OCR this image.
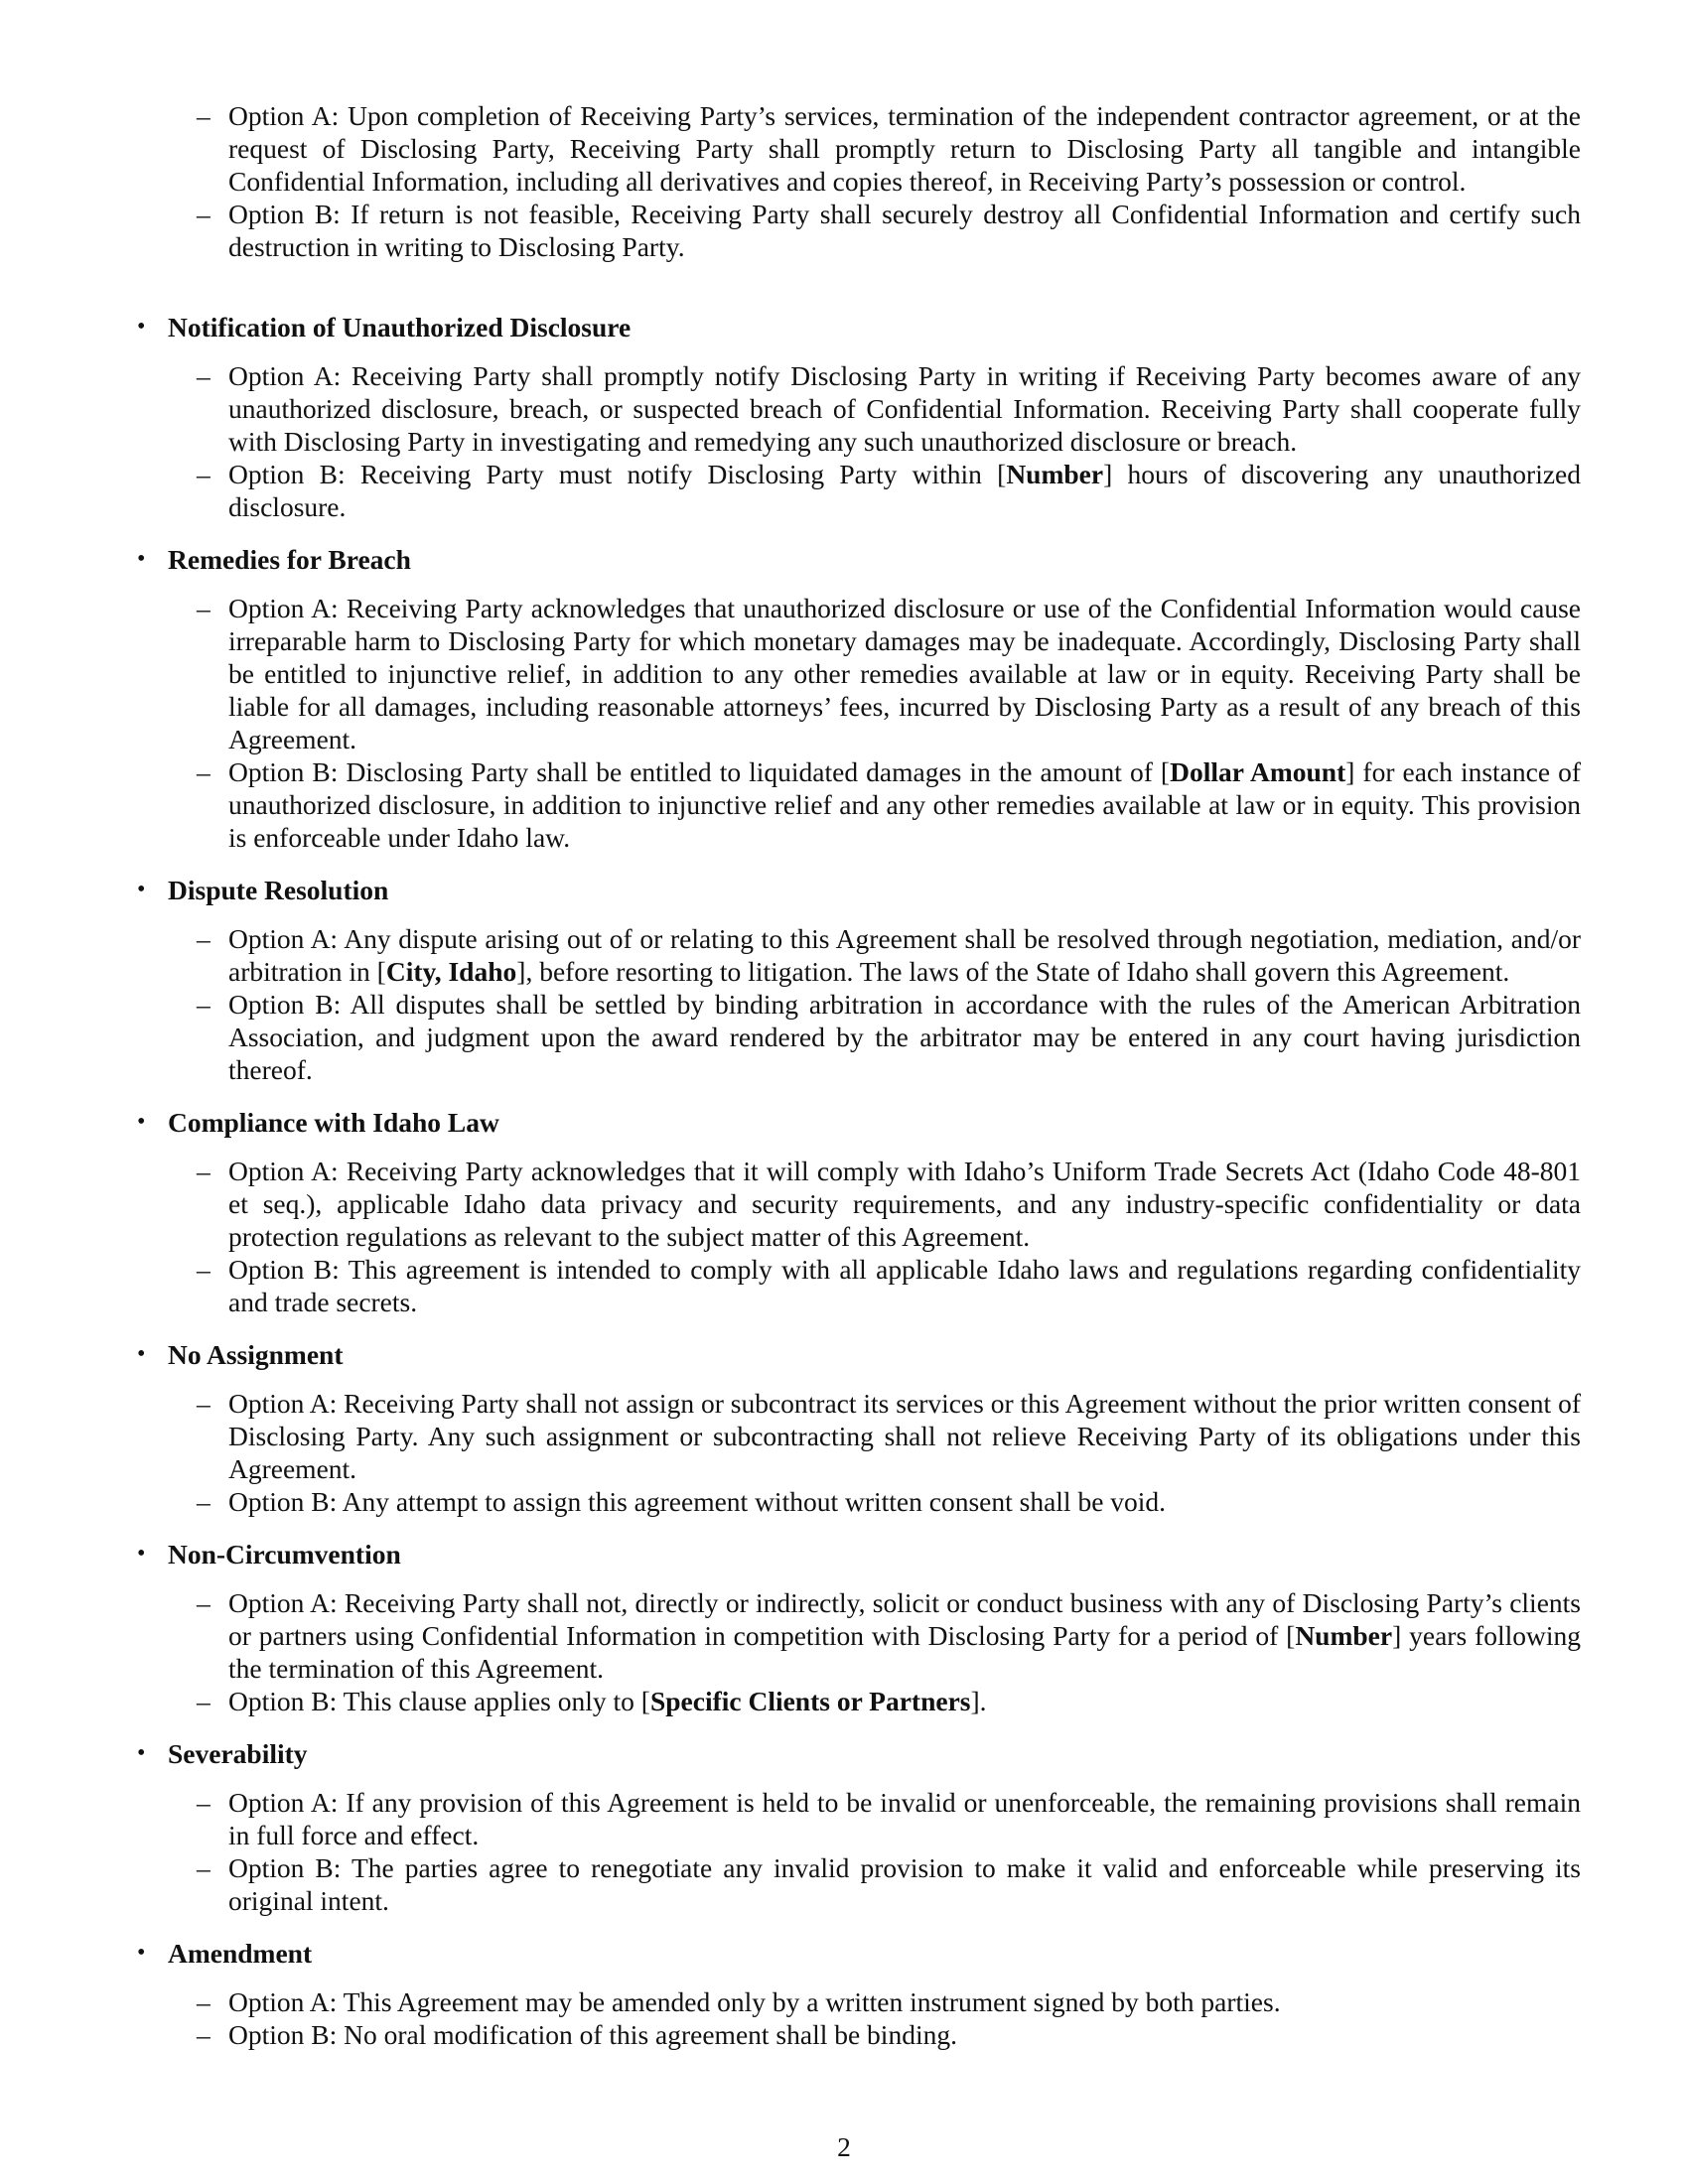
– Option A: Upon completion of Receiving Party’s services, termination of the independent contractor agreement, or at the request of Disclosing Party, Receiving Party shall promptly return to Disclosing Party all tangible and intangible Confidential Information, including all derivatives and copies thereof, in Receiving Party’s possession or control.
– Option B: If return is not feasible, Receiving Party shall securely destroy all Confidential Information and certify such destruction in writing to Disclosing Party.
• Notification of Unauthorized Disclosure
– Option A: Receiving Party shall promptly notify Disclosing Party in writing if Receiving Party becomes aware of any unauthorized disclosure, breach, or suspected breach of Confidential Information. Receiving Party shall cooperate fully with Disclosing Party in investigating and remedying any such unauthorized disclosure or breach.
– Option B: Receiving Party must notify Disclosing Party within [Number] hours of discovering any unauthorized disclosure.
• Remedies for Breach
– Option A: Receiving Party acknowledges that unauthorized disclosure or use of the Confidential Information would cause irreparable harm to Disclosing Party for which monetary damages may be inadequate. Accordingly, Disclosing Party shall be entitled to injunctive relief, in addition to any other remedies available at law or in equity. Receiving Party shall be liable for all damages, including reasonable attorneys’ fees, incurred by Disclosing Party as a result of any breach of this Agreement.
– Option B: Disclosing Party shall be entitled to liquidated damages in the amount of [Dollar Amount] for each instance of unauthorized disclosure, in addition to injunctive relief and any other remedies available at law or in equity. This provision is enforceable under Idaho law.
• Dispute Resolution
– Option A: Any dispute arising out of or relating to this Agreement shall be resolved through negotiation, mediation, and/or arbitration in [City, Idaho], before resorting to litigation. The laws of the State of Idaho shall govern this Agreement.
– Option B: All disputes shall be settled by binding arbitration in accordance with the rules of the American Arbitration Association, and judgment upon the award rendered by the arbitrator may be entered in any court having jurisdiction thereof.
• Compliance with Idaho Law
– Option A: Receiving Party acknowledges that it will comply with Idaho’s Uniform Trade Secrets Act (Idaho Code 48-801 et seq.), applicable Idaho data privacy and security requirements, and any industry-specific confidentiality or data protection regulations as relevant to the subject matter of this Agreement.
– Option B: This agreement is intended to comply with all applicable Idaho laws and regulations regarding confidentiality and trade secrets.
• No Assignment
– Option A: Receiving Party shall not assign or subcontract its services or this Agreement without the prior written consent of Disclosing Party. Any such assignment or subcontracting shall not relieve Receiving Party of its obligations under this Agreement.
– Option B: Any attempt to assign this agreement without written consent shall be void.
• Non-Circumvention
– Option A: Receiving Party shall not, directly or indirectly, solicit or conduct business with any of Disclosing Party’s clients or partners using Confidential Information in competition with Disclosing Party for a period of [Number] years following the termination of this Agreement.
– Option B: This clause applies only to [Specific Clients or Partners].
• Severability
– Option A: If any provision of this Agreement is held to be invalid or unenforceable, the remaining provisions shall remain in full force and effect.
– Option B: The parties agree to renegotiate any invalid provision to make it valid and enforceable while preserving its original intent.
• Amendment
– Option A: This Agreement may be amended only by a written instrument signed by both parties.
– Option B: No oral modification of this agreement shall be binding.
2
